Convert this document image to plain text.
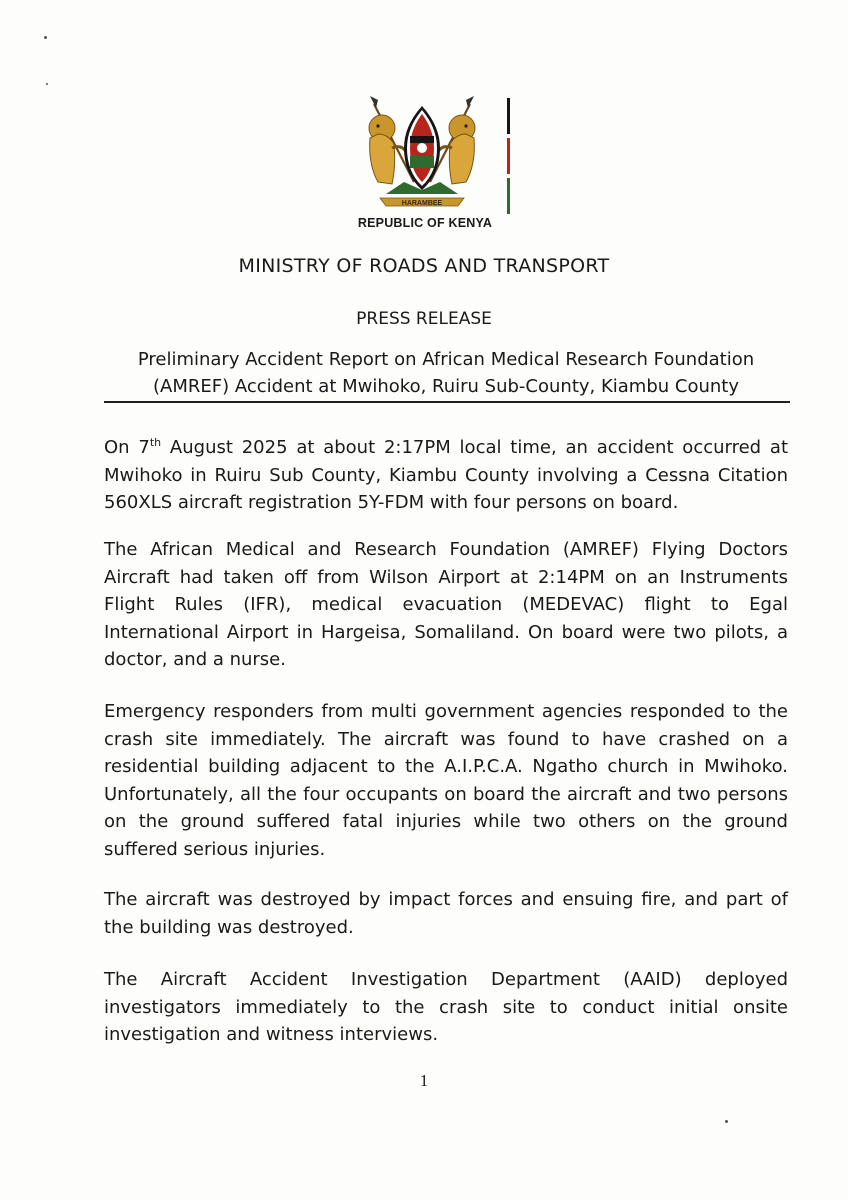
HARAMBEE
REPUBLIC OF KENYA
MINISTRY OF ROADS AND TRANSPORT
PRESS RELEASE
Preliminary Accident Report on African Medical Research Foundation (AMREF) Accident at Mwihoko, Ruiru Sub-County, Kiambu County

On 7th August 2025 at about 2:17PM local time, an accident occurred at Mwihoko in Ruiru Sub County, Kiambu County involving a Cessna Citation 560XLS aircraft registration 5Y-FDM with four persons on board.

The African Medical and Research Foundation (AMREF) Flying Doctors Aircraft had taken off from Wilson Airport at 2:14PM on an Instruments Flight Rules (IFR), medical evacuation (MEDEVAC) flight to Egal International Airport in Hargeisa, Somaliland. On board were two pilots, a doctor, and a nurse.

Emergency responders from multi government agencies responded to the crash site immediately. The aircraft was found to have crashed on a residential building adjacent to the A.I.P.C.A. Ngatho church in Mwihoko. Unfortunately, all the four occupants on board the aircraft and two persons on the ground suffered fatal injuries while two others on the ground suffered serious injuries.

The aircraft was destroyed by impact forces and ensuing fire, and part of the building was destroyed.

The Aircraft Accident Investigation Department (AAID) deployed investigators immediately to the crash site to conduct initial onsite investigation and witness interviews.

1
